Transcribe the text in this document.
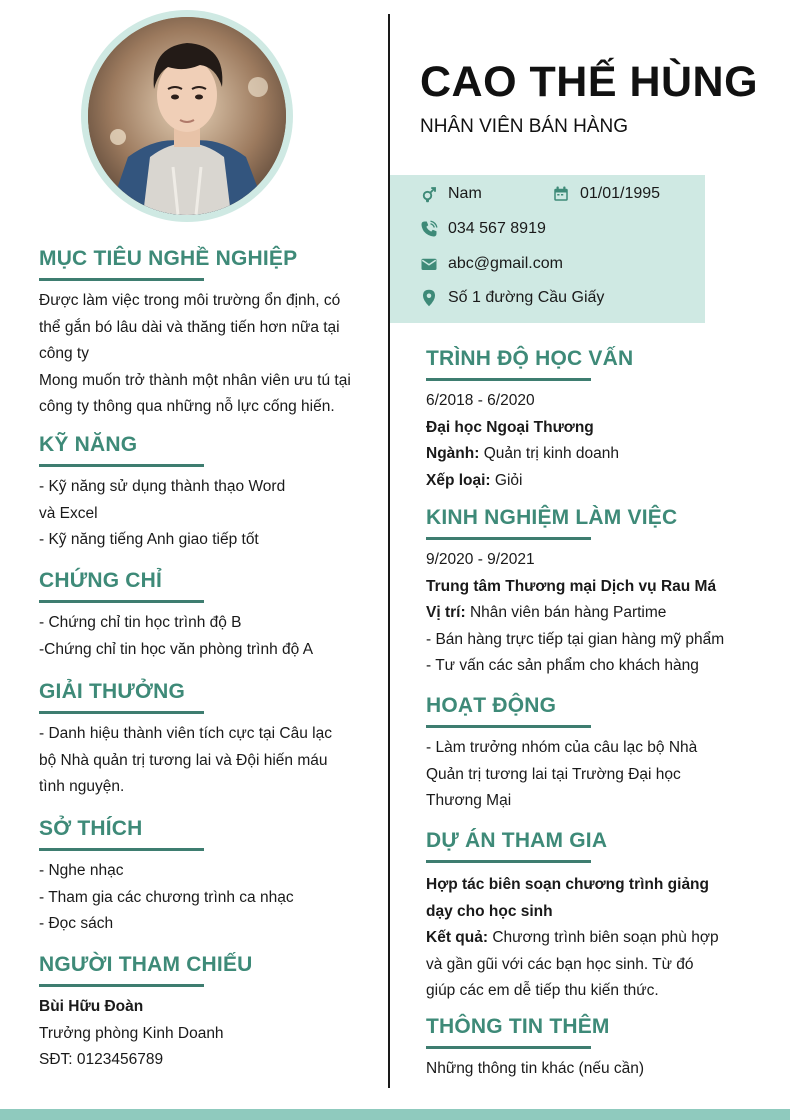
CAO THẾ HÙNG
NHÂN VIÊN BÁN HÀNG
Nam	01/01/1995
034 567 8919
abc@gmail.com
Số 1 đường Cầu Giấy
MỤC TIÊU NGHỀ NGHIỆP
Được làm việc trong môi trường ổn định, có
thể gắn bó lâu dài và thăng tiến hơn nữa tại
công ty
Mong muốn trở thành một nhân viên ưu tú tại
công ty thông qua những nỗ lực cống hiến.
KỸ NĂNG
- Kỹ năng sử dụng thành thạo Word
và Excel
- Kỹ năng tiếng Anh giao tiếp tốt
CHỨNG CHỈ
- Chứng chỉ tin học trình độ B
-Chứng chỉ tin học văn phòng trình độ A
GIẢI THƯỞNG
- Danh hiệu thành viên tích cực tại Câu lạc
bộ Nhà quản trị tương lai và Đội hiến máu
tình nguyện.
SỞ THÍCH
- Nghe nhạc
- Tham gia các chương trình ca nhạc
- Đọc sách
NGƯỜI THAM CHIẾU
Bùi Hữu Đoàn
Trưởng phòng Kinh Doanh
SĐT: 0123456789
TRÌNH ĐỘ HỌC VẤN
6/2018 - 6/2020
Đại học Ngoại Thương
Ngành: Quản trị kinh doanh
Xếp loại: Giỏi
KINH NGHIỆM LÀM VIỆC
9/2020 - 9/2021
Trung tâm Thương mại Dịch vụ Rau Má
Vị trí: Nhân viên bán hàng Partime
- Bán hàng trực tiếp tại gian hàng mỹ phẩm
- Tư vấn các sản phẩm cho khách hàng
HOẠT ĐỘNG
- Làm trưởng nhóm của câu lạc bộ Nhà
Quản trị tương lai tại Trường Đại học
Thương Mại
DỰ ÁN THAM GIA
Hợp tác biên soạn chương trình giảng
dạy cho học sinh
Kết quả: Chương trình biên soạn phù hợp
và gần gũi với các bạn học sinh. Từ đó
giúp các em dễ tiếp thu kiến thức.
THÔNG TIN THÊM
Những thông tin khác (nếu cần)
